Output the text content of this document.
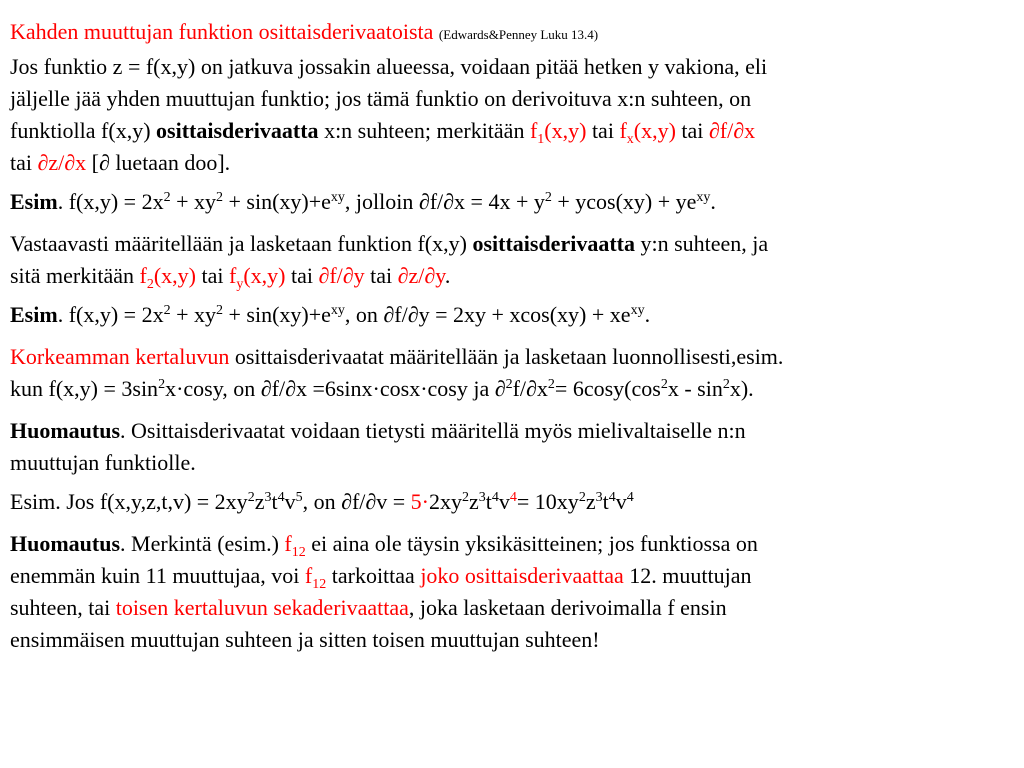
Kahden muuttujan funktion osittaisderivaatoista (Edwards&Penney Luku 13.4)

Jos funktio z = f(x,y) on jatkuva jossakin alueessa, voidaan pitää hetken y vakiona, eli

jäljelle jää yhden muuttujan funktio; jos tämä funktio on derivoituva x:n suhteen, on

funktiolla f(x,y) osittaisderivaatta x:n suhteen; merkitään $f_1(x,y)$ tai $f_x(x,y)$ tai ∂f/∂x

tai ∂z/∂x [∂ luetaan doo].

Esim. $f(x,y) = 2x^2 + xy^2 + \sin(xy)+e^{xy}$, jolloin $\partial f/\partial x = 4x + y^2 + ycos(xy) + ye^{xy}$.

Vastaavasti määritellään ja lasketaan funktion f(x,y) osittaisderivaatta y:n suhteen, ja

sitä merkitään $f_2(x,y)$ tai $f_y(x,y)$ tai ∂f/∂y tai ∂z/∂y.

Esim. $f(x,y) = 2x^2 + xy^2 + \sin(xy)+e^{xy}$, on $\partial f/\partial y = 2xy + xcos(xy) + xe^{xy}$.

Korkeamman kertaluvun osittaisderivaatat määritellään ja lasketaan luonnollisesti,esim.

kun $f(x,y) = 3\sin^2x\cdot\cos y$, on ∂f/∂x =6sinx·cosx·cosy ja $\partial^2f/\partial x^2= 6\cos y(\cos^2x - \sin^2x)$.

Huomautus. Osittaisderivaatat voidaan tietysti määritellä myös mielivaltaiselle n:n

muuttujan funktiolle.

Esim. Jos $f(x,y,z,t,v) = 2xy^2z^3t^4v^5$, on $\partial f/\partial v = 5\cdot 2xy^2z^3t^4v^4= 10xy^2z^3t^4v^4$

Huomautus. Merkintä (esim.) $f_{12}$ ei aina ole täysin yksikäsitteinen; jos funktiossa on

enemmän kuin 11 muuttujaa, voi $f_{12}$ tarkoittaa joko osittaisderivaattaa 12. muuttujan

suhteen, tai toisen kertaluvun sekaderivaattaa, joka lasketaan derivoimalla f ensin

ensimmäisen muuttujan suhteen ja sitten toisen muuttujan suhteen!
